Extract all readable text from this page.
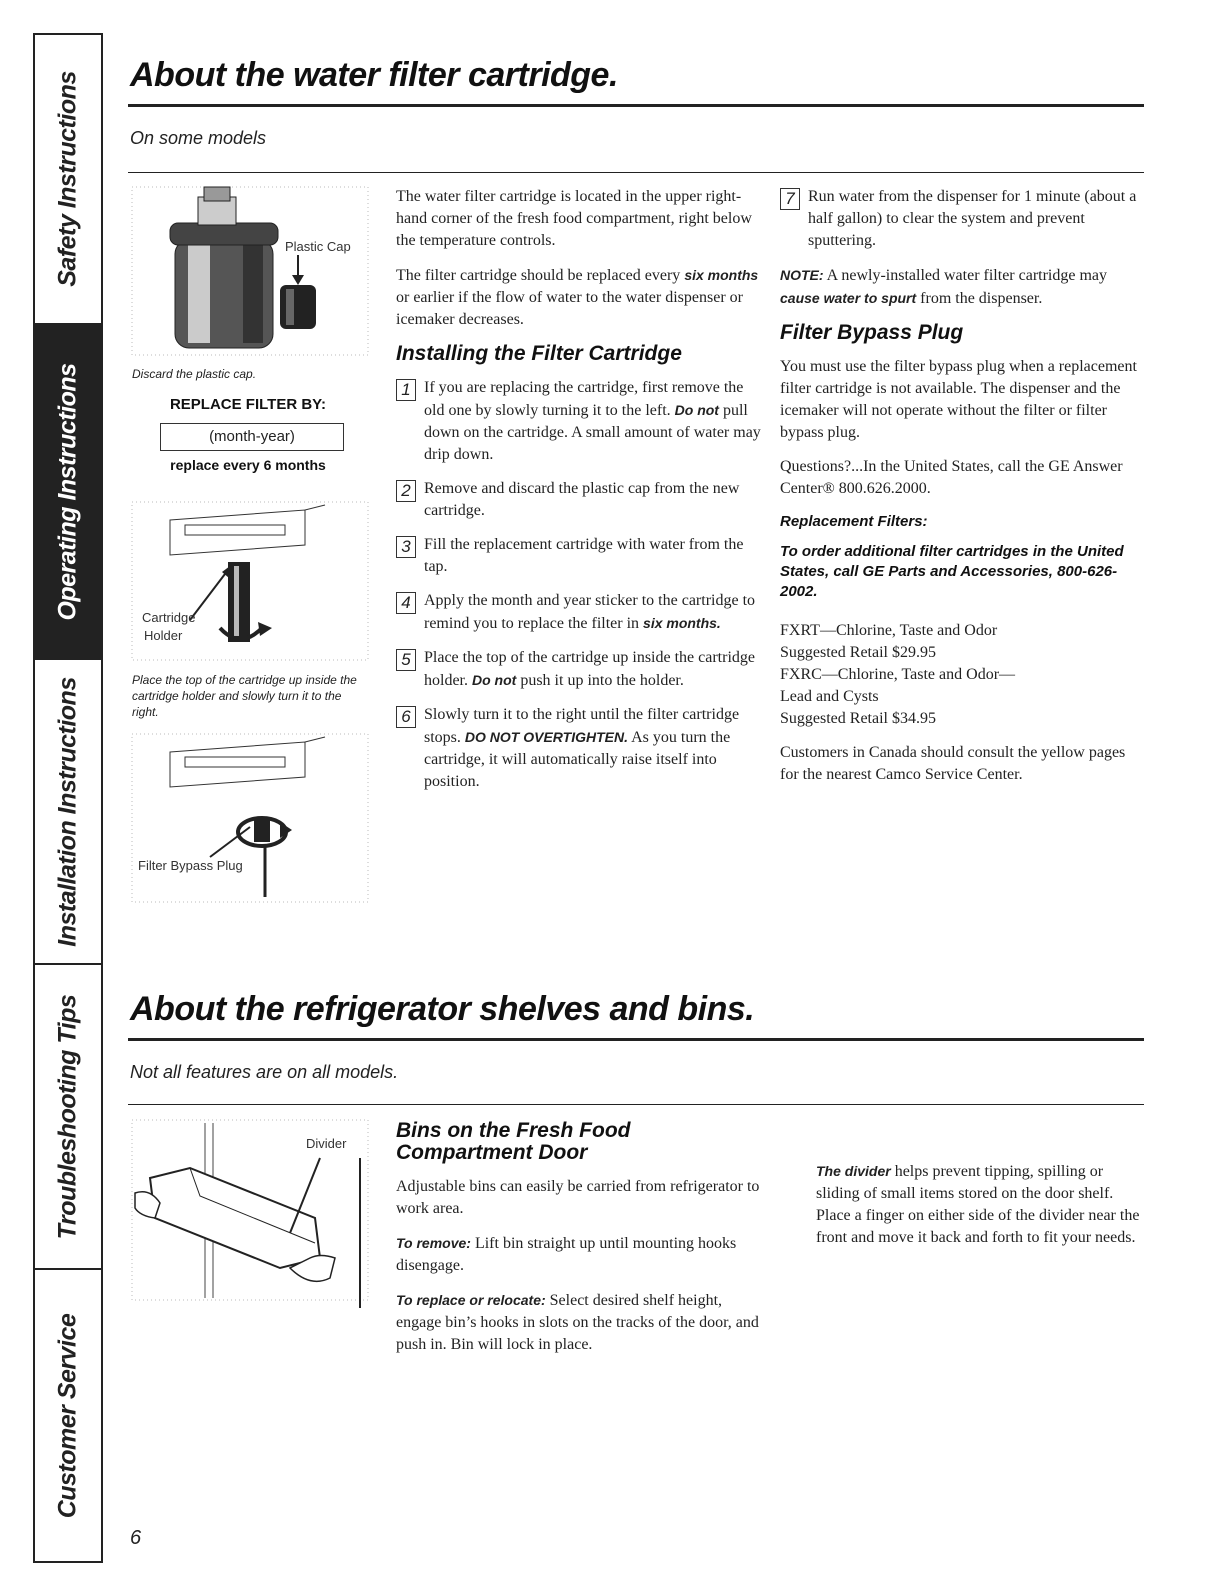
Safety Instructions
Operating Instructions
Installation Instructions
Troubleshooting Tips
Customer Service
About the water filter cartridge.
On some models
Plastic Cap
Discard the plastic cap.
REPLACE FILTER BY:
(month-year)
replace every 6 months
Cartridge
Holder
Place the top of the cartridge up inside the cartridge holder and slowly turn it to the right.
Filter Bypass Plug

The water filter cartridge is located in the upper right-hand corner of the fresh food compartment, right below the temperature controls.

The filter cartridge should be replaced every six months or earlier if the flow of water to the water dispenser or icemaker decreases.

Installing the Filter Cartridge
1 If you are replacing the cartridge, first remove the old one by slowly turning it to the left. Do not pull down on the cartridge. A small amount of water may drip down.
2 Remove and discard the plastic cap from the new cartridge.
3 Fill the replacement cartridge with water from the tap.
4 Apply the month and year sticker to the cartridge to remind you to replace the filter in six months.
5 Place the top of the cartridge up inside the cartridge holder. Do not push it up into the holder.
6 Slowly turn it to the right until the filter cartridge stops. DO NOT OVERTIGHTEN. As you turn the cartridge, it will automatically raise itself into position.
7 Run water from the dispenser for 1 minute (about a half gallon) to clear the system and prevent sputtering.

NOTE: A newly-installed water filter cartridge may cause water to spurt from the dispenser.

Filter Bypass Plug

You must use the filter bypass plug when a replacement filter cartridge is not available. The dispenser and the icemaker will not operate without the filter or filter bypass plug.

Questions?...In the United States, call the GE Answer Center® 800.626.2000.

Replacement Filters:
To order additional filter cartridges in the United States, call GE Parts and Accessories, 800-626-2002.

FXRT—Chlorine, Taste and Odor
Suggested Retail $29.95
FXRC—Chlorine, Taste and Odor—
Lead and Cysts
Suggested Retail $34.95

Customers in Canada should consult the yellow pages for the nearest Camco Service Center.

About the refrigerator shelves and bins.
Not all features are on all models.
Divider
Bins on the Fresh Food Compartment Door

Adjustable bins can easily be carried from refrigerator to work area.

To remove: Lift bin straight up until mounting hooks disengage.

To replace or relocate: Select desired shelf height, engage bin’s hooks in slots on the tracks of the door, and push in. Bin will lock in place.

The divider helps prevent tipping, spilling or sliding of small items stored on the door shelf. Place a finger on either side of the divider near the front and move it back and forth to fit your needs.

6
